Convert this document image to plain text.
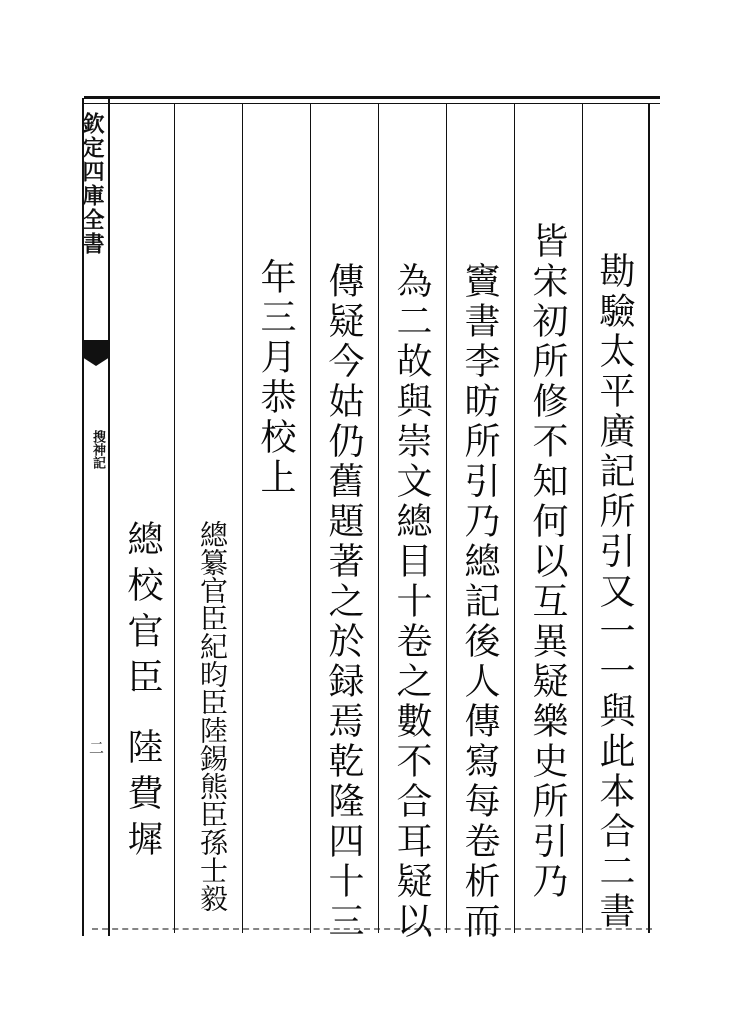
欽定四庫全書
搜神記
二	勘驗太平廣記所引又一一與此本合二書
皆宋初所修不知何以互異疑樂史所引乃
竇書李昉所引乃總記後人傳寫每卷析而
為二故與崇文總目十卷之數不合耳疑以
傳疑今姑仍舊題著之於録焉乾隆四十三
年三月恭校上
總纂官臣紀昀臣陸錫熊臣孫士毅
總校官臣
陸費墀
